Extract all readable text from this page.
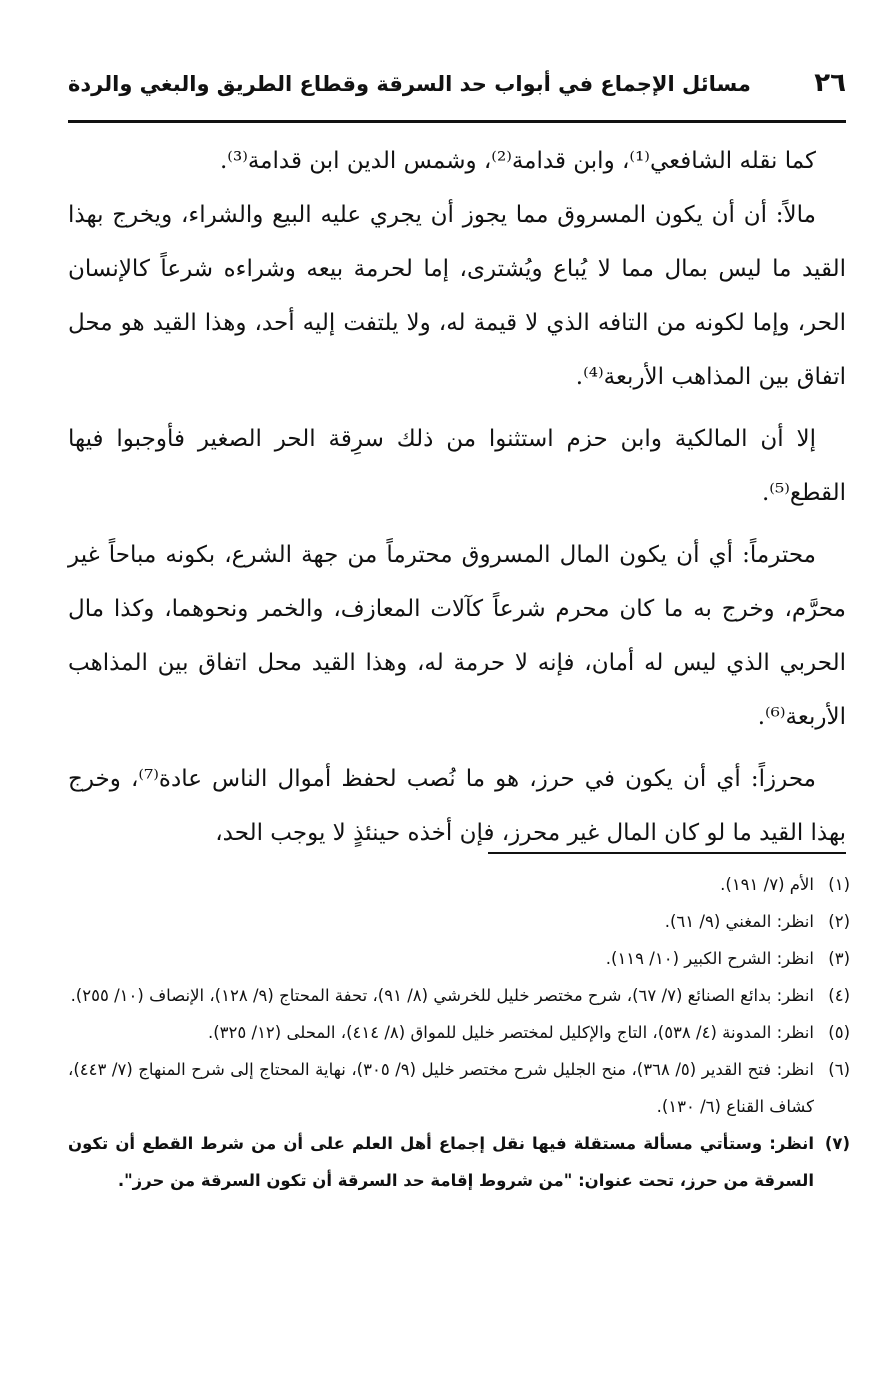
٢٦
مسائل الإجماع في أبواب حد السرقة وقطاع الطريق والبغي والردة

كما نقله الشافعي⁽¹⁾، وابن قدامة⁽²⁾، وشمس الدين ابن قدامة⁽³⁾.

مالاً: أن أن يكون المسروق مما يجوز أن يجري عليه البيع والشراء، ويخرج بهذا القيد ما ليس بمال مما لا يُباع ويُشترى، إما لحرمة بيعه وشراءه شرعاً كالإنسان الحر، وإما لكونه من التافه الذي لا قيمة له، ولا يلتفت إليه أحد، وهذا القيد هو محل اتفاق بين المذاهب الأربعة⁽⁴⁾.

إلا أن المالكية وابن حزم استثنوا من ذلك سرِقة الحر الصغير فأوجبوا فيها القطع⁽⁵⁾.

محترماً: أي أن يكون المال المسروق محترماً من جهة الشرع، بكونه مباحاً غير محرَّم، وخرج به ما كان محرم شرعاً كآلات المعازف، والخمر ونحوهما، وكذا مال الحربي الذي ليس له أمان، فإنه لا حرمة له، وهذا القيد محل اتفاق بين المذاهب الأربعة⁽⁶⁾.

محرزاً: أي أن يكون في حرز، هو ما نُصب لحفظ أموال الناس عادة⁽⁷⁾، وخرج بهذا القيد ما لو كان المال غير محرز، فإن أخذه حينئذٍ لا يوجب الحد،

(١)
الأم (٧/ ١٩١).
(٢)
انظر: المغني (٩/ ٦١).
(٣)
انظر: الشرح الكبير (١٠/ ١١٩).
(٤)
انظر: بدائع الصنائع (٧/ ٦٧)، شرح مختصر خليل للخرشي (٨/ ٩١)، تحفة المحتاج (٩/ ١٢٨)، الإنصاف (١٠/ ٢٥٥).
(٥)
انظر: المدونة (٤/ ٥٣٨)، التاج والإكليل لمختصر خليل للمواق (٨/ ٤١٤)، المحلى (١٢/ ٣٢٥).
(٦)
انظر: فتح القدير (٥/ ٣٦٨)، منح الجليل شرح مختصر خليل (٩/ ٣٠٥)، نهاية المحتاج إلى شرح المنهاج (٧/ ٤٤٣)، كشاف القناع (٦/ ١٣٠).
(٧)
انظر: وستأتي مسألة مستقلة فيها نقل إجماع أهل العلم على أن من شرط القطع أن تكون السرقة من حرز، تحت عنوان: "من شروط إقامة حد السرقة أن تكون السرقة من حرز".
